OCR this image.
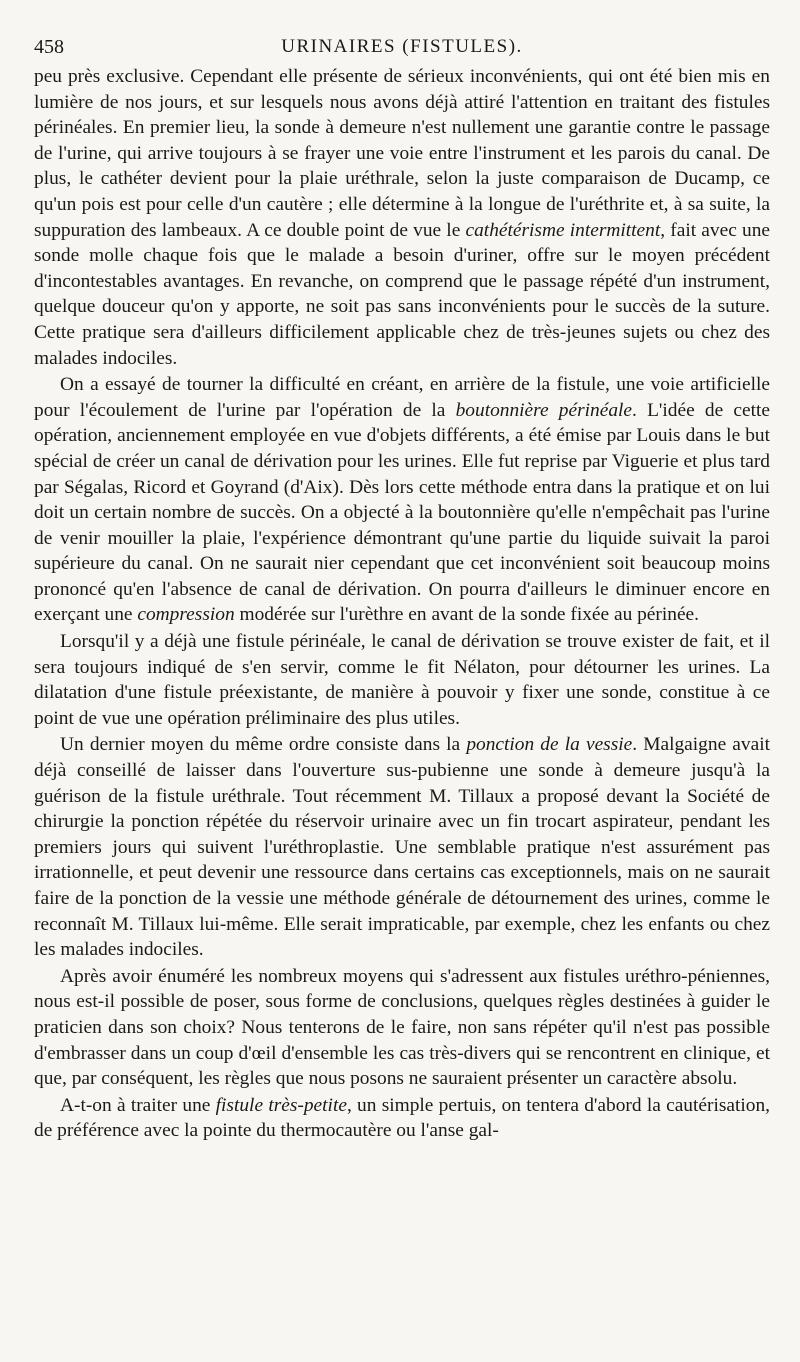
458	URINAIRES (FISTULES).

peu près exclusive. Cependant elle présente de sérieux inconvénients, qui ont été bien mis en lumière de nos jours, et sur lesquels nous avons déjà attiré l'attention en traitant des fistules périnéales. En premier lieu, la sonde à demeure n'est nullement une garantie contre le passage de l'urine, qui arrive toujours à se frayer une voie entre l'instrument et les parois du canal. De plus, le cathéter devient pour la plaie uréthrale, selon la juste comparaison de Ducamp, ce qu'un pois est pour celle d'un cautère ; elle détermine à la longue de l'uréthrite et, à sa suite, la suppuration des lambeaux. A ce double point de vue le cathétérisme intermittent, fait avec une sonde molle chaque fois que le malade a besoin d'uriner, offre sur le moyen précédent d'incontestables avantages. En revanche, on comprend que le passage répété d'un instrument, quelque douceur qu'on y apporte, ne soit pas sans inconvénients pour le succès de la suture. Cette pratique sera d'ailleurs difficilement applicable chez de très-jeunes sujets ou chez des malades indociles.

On a essayé de tourner la difficulté en créant, en arrière de la fistule, une voie artificielle pour l'écoulement de l'urine par l'opération de la boutonnière périnéale. L'idée de cette opération, anciennement employée en vue d'objets différents, a été émise par Louis dans le but spécial de créer un canal de dérivation pour les urines. Elle fut reprise par Viguerie et plus tard par Ségalas, Ricord et Goyrand (d'Aix). Dès lors cette méthode entra dans la pratique et on lui doit un certain nombre de succès. On a objecté à la boutonnière qu'elle n'empêchait pas l'urine de venir mouiller la plaie, l'expérience démontrant qu'une partie du liquide suivait la paroi supérieure du canal. On ne saurait nier cependant que cet inconvénient soit beaucoup moins prononcé qu'en l'absence de canal de dérivation. On pourra d'ailleurs le diminuer encore en exerçant une compression modérée sur l'urèthre en avant de la sonde fixée au périnée.

Lorsqu'il y a déjà une fistule périnéale, le canal de dérivation se trouve exister de fait, et il sera toujours indiqué de s'en servir, comme le fit Nélaton, pour détourner les urines. La dilatation d'une fistule préexistante, de manière à pouvoir y fixer une sonde, constitue à ce point de vue une opération préliminaire des plus utiles.

Un dernier moyen du même ordre consiste dans la ponction de la vessie. Malgaigne avait déjà conseillé de laisser dans l'ouverture sus-pubienne une sonde à demeure jusqu'à la guérison de la fistule uréthrale. Tout récemment M. Tillaux a proposé devant la Société de chirurgie la ponction répétée du réservoir urinaire avec un fin trocart aspirateur, pendant les premiers jours qui suivent l'uréthroplastie. Une semblable pratique n'est assurément pas irrationnelle, et peut devenir une ressource dans certains cas exceptionnels, mais on ne saurait faire de la ponction de la vessie une méthode générale de détournement des urines, comme le reconnaît M. Tillaux lui-même. Elle serait impraticable, par exemple, chez les enfants ou chez les malades indociles.

Après avoir énuméré les nombreux moyens qui s'adressent aux fistules uréthro-péniennes, nous est-il possible de poser, sous forme de conclusions, quelques règles destinées à guider le praticien dans son choix? Nous tenterons de le faire, non sans répéter qu'il n'est pas possible d'embrasser dans un coup d'œil d'ensemble les cas très-divers qui se rencontrent en clinique, et que, par conséquent, les règles que nous posons ne sauraient présenter un caractère absolu.

A-t-on à traiter une fistule très-petite, un simple pertuis, on tentera d'abord la cautérisation, de préférence avec la pointe du thermocautère ou l'anse gal-
